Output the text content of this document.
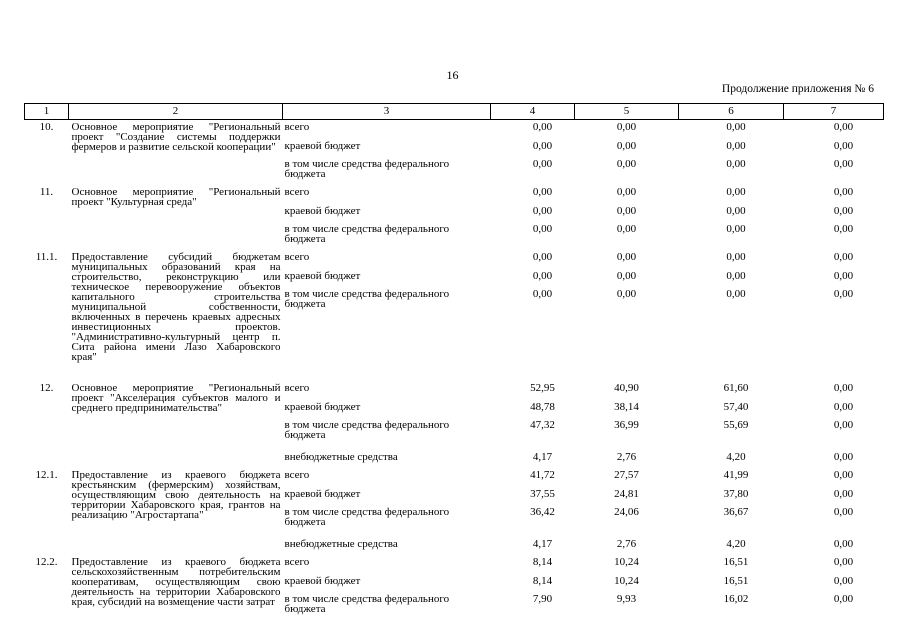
16
Продолжение приложения № 6
1	2	3	4	5	6	7
10.	Основное мероприятие "Региональный проект "Создание системы поддержки фермеров и развитие сельской кооперации"	всего	0,00	0,00	0,00	0,00
		краевой бюджет	0,00	0,00	0,00	0,00
		в том числе средства федерального бюджета	0,00	0,00	0,00	0,00
11.	Основное мероприятие "Региональный проект "Культурная среда"	всего	0,00	0,00	0,00	0,00
		краевой бюджет	0,00	0,00	0,00	0,00
		в том числе средства федерального бюджета	0,00	0,00	0,00	0,00
11.1.	Предоставление субсидий бюджетам муниципальных образований края на строительство, реконструкцию или техническое перевооружение объектов капитального строительства муниципальной собственности, включенных в перечень краевых адресных инвестиционных проектов. "Административно-культурный центр п. Сита района имени Лазо Хабаровского края"	всего	0,00	0,00	0,00	0,00
		краевой бюджет	0,00	0,00	0,00	0,00
		в том числе средства федерального бюджета	0,00	0,00	0,00	0,00
12.	Основное мероприятие "Региональный проект "Акселерация субъектов малого и среднего предпринимательства"	всего	52,95	40,90	61,60	0,00
		краевой бюджет	48,78	38,14	57,40	0,00
		в том числе средства федерального бюджета	47,32	36,99	55,69	0,00
		внебюджетные средства	4,17	2,76	4,20	0,00
12.1.	Предоставление из краевого бюджета крестьянским (фермерским) хозяйствам, осуществляющим свою деятельность на территории Хабаровского края, грантов на реализацию "Агростартапа"	всего	41,72	27,57	41,99	0,00
		краевой бюджет	37,55	24,81	37,80	0,00
		в том числе средства федерального бюджета	36,42	24,06	36,67	0,00
		внебюджетные средства	4,17	2,76	4,20	0,00
12.2.	Предоставление из краевого бюджета сельскохозяйственным потребительским кооперативам, осуществляющим свою деятельность на территории Хабаровского края, субсидий на возмещение части затрат	всего	8,14	10,24	16,51	0,00
		краевой бюджет	8,14	10,24	16,51	0,00
		в том числе средства федерального бюджета	7,90	9,93	16,02	0,00
